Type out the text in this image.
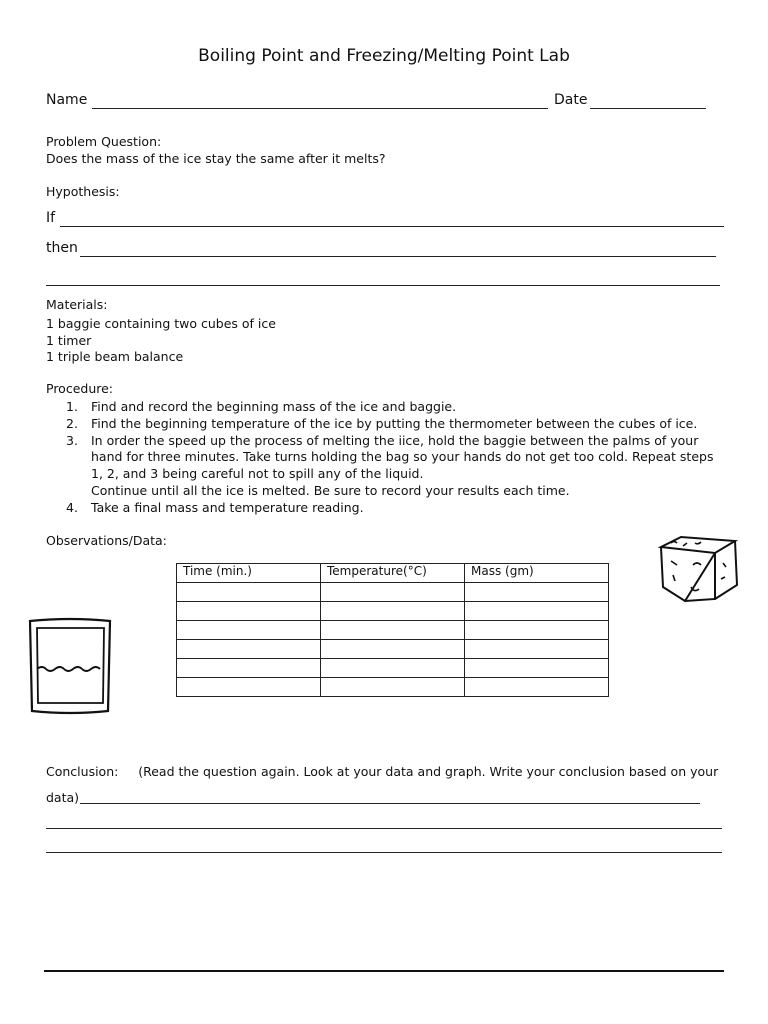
Boiling Point and Freezing/Melting Point Lab
Name	Date
Problem Question:
Does the mass of the ice stay the same after it melts?
Hypothesis:
If
then
Materials:
1 baggie containing two cubes of ice
1 timer
1 triple beam balance
Procedure:
1.	Find and record the beginning mass of the ice and baggie.
2.	Find the beginning temperature of the ice by putting the thermometer between the cubes of ice.
3.	In order the speed up the process of melting the iice, hold the baggie between the palms of your hand for three minutes. Take turns holding the bag so your hands do not get too cold. Repeat steps 1, 2, and 3 being careful not to spill any of the liquid.
Continue until all the ice is melted. Be sure to record your results each time.
4.	Take a final mass and temperature reading.
Observations/Data:
Time (min.)	Temperature(°C)	Mass (gm)

Conclusion: (Read the question again. Look at your data and graph. Write your conclusion based on your
data)
